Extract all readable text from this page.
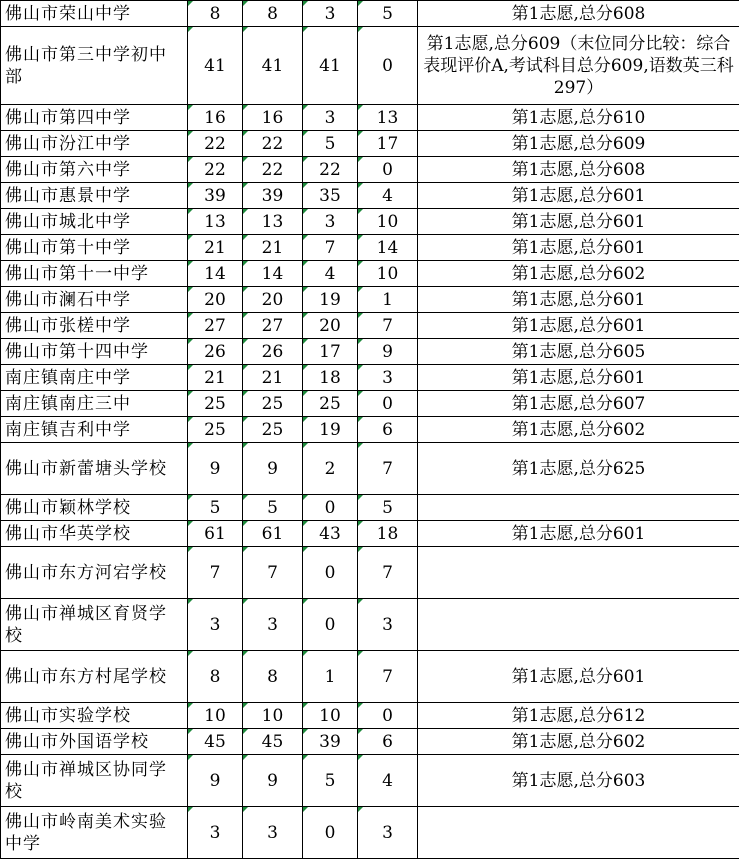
佛山市荣山中学	8	8	3	5	第1志愿,总分608
佛山市第三中学初中部	41	41	41	0	第1志愿,总分609（末位同分比较：综合表现评价A,考试科目总分609,语数英三科297）
佛山市第四中学	16	16	3	13	第1志愿,总分610
佛山市汾江中学	22	22	5	17	第1志愿,总分609
佛山市第六中学	22	22	22	0	第1志愿,总分608
佛山市惠景中学	39	39	35	4	第1志愿,总分601
佛山市城北中学	13	13	3	10	第1志愿,总分601
佛山市第十中学	21	21	7	14	第1志愿,总分601
佛山市第十一中学	14	14	4	10	第1志愿,总分602
佛山市澜石中学	20	20	19	1	第1志愿,总分601
佛山市张槎中学	27	27	20	7	第1志愿,总分601
佛山市第十四中学	26	26	17	9	第1志愿,总分605
南庄镇南庄中学	21	21	18	3	第1志愿,总分601
南庄镇南庄三中	25	25	25	0	第1志愿,总分607
南庄镇吉利中学	25	25	19	6	第1志愿,总分602
佛山市新蕾塘头学校	9	9	2	7	第1志愿,总分625
佛山市颖林学校	5	5	0	5

佛山市华英学校	61	61	43	18	第1志愿,总分601
佛山市东方河宕学校	7	7	0	7

佛山市禅城区育贤学校	3	3	0	3

佛山市东方村尾学校	8	8	1	7	第1志愿,总分601
佛山市实验学校	10	10	10	0	第1志愿,总分612
佛山市外国语学校	45	45	39	6	第1志愿,总分602
佛山市禅城区协同学校	9	9	5	4	第1志愿,总分603
佛山市岭南美术实验中学	3	3	0	3
